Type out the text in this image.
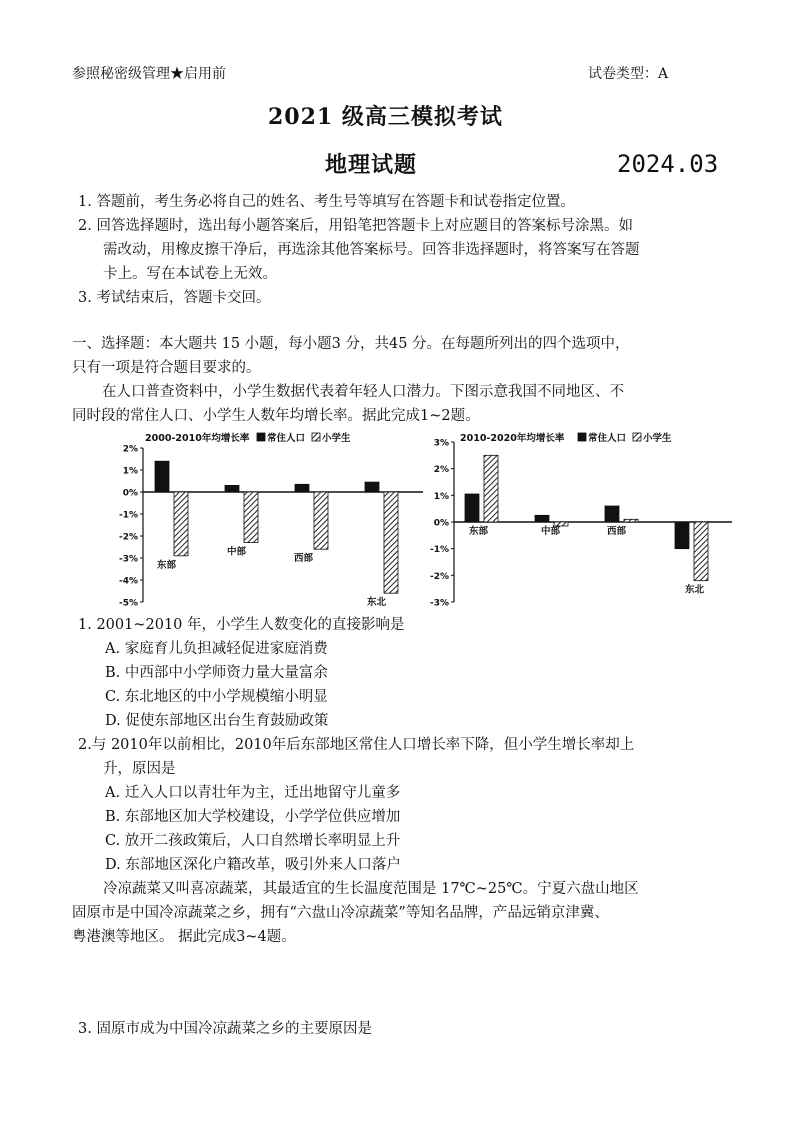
参照秘密级管理★启用前	试卷类型：A
2021 级高三模拟考试
地理试题	2024.03
1. 答题前，考生务必将自己的姓名、考生号等填写在答题卡和试卷指定位置。
2. 回答选择题时，选出每小题答案后，用铅笔把答题卡上对应题目的答案标号涂黑。如
需改动，用橡皮擦干净后，再选涂其他答案标号。回答非选择题时，将答案写在答题
卡上。写在本试卷上无效。
3. 考试结束后，答题卡交回。
一、选择题：本大题共 15 小题，每小题3 分，共45 分。在每题所列出的四个选项中，
只有一项是符合题目要求的。
在人口普查资料中，小学生数据代表着年轻人口潜力。下图示意我国不同地区、不
同时段的常住人口、小学生人数年均增长率。据此完成1~2题。
2%
1%
0%
-1%
-2%
-3%
-4%
-5%
2000-2010年均增长率 常住人口 小学生
东部
中部
西部
东北
3%
2%
1%
0%
-1%
-2%
-3%
2010-2020年均增长率 常住人口 小学生
东部	中部	西部
东北
1. 2001~2010 年，小学生人数变化的直接影响是
A. 家庭育儿负担减轻促进家庭消费
B. 中西部中小学师资力量大量富余
C. 东北地区的中小学规模缩小明显
D. 促使东部地区出台生育鼓励政策
2.与 2010年以前相比，2010年后东部地区常住人口增长率下降，但小学生增长率却上
升，原因是
A. 迁入人口以青壮年为主，迁出地留守儿童多
B. 东部地区加大学校建设，小学学位供应增加
C. 放开二孩政策后，人口自然增长率明显上升
D. 东部地区深化户籍改革，吸引外来人口落户
冷凉蔬菜又叫喜凉蔬菜，其最适宜的生长温度范围是 17℃~25℃。宁夏六盘山地区
固原市是中国冷凉蔬菜之乡，拥有“六盘山冷凉蔬菜”等知名品牌，产品远销京津冀、
粤港澳等地区。 据此完成3~4题。
3. 固原市成为中国冷凉蔬菜之乡的主要原因是
